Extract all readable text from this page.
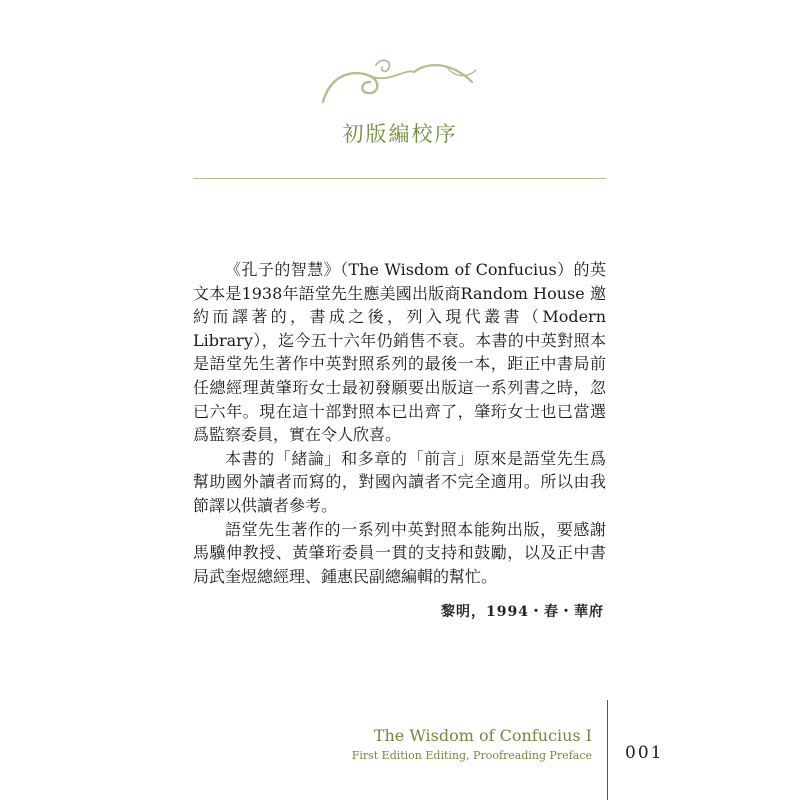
初版編校序

《孔子的智慧》（The Wisdom of Confucius）的英文本是1938年語堂先生應美國出版商Random House 邀約而譯著的，書成之後，列入現代叢書（Modern Library），迄今五十六年仍銷售不衰。本書的中英對照本是語堂先生著作中英對照系列的最後一本，距正中書局前任總經理黃肇珩女士最初發願要出版這一系列書之時，忽已六年。現在這十部對照本已出齊了，肇珩女士也已當選爲監察委員，實在令人欣喜。

本書的「緒論」和多章的「前言」原來是語堂先生爲幫助國外讀者而寫的，對國內讀者不完全適用。所以由我節譯以供讀者參考。

語堂先生著作的一系列中英對照本能夠出版，要感謝馬驥伸教授、黃肇珩委員一貫的支持和鼓勵，以及正中書局武奎煜總經理、鍾惠民副總編輯的幫忙。

黎明，1994・春・華府
The Wisdom of Confucius I
First Edition Editing, Proofreading Preface 001
